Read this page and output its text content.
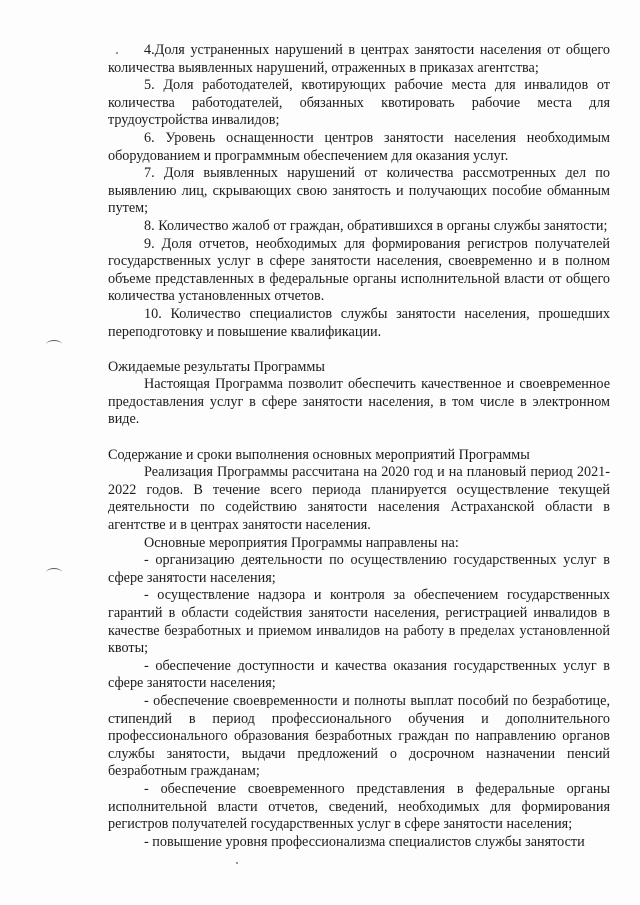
4.Доля устраненных нарушений в центрах занятости населения от общего количества выявленных нарушений, отраженных в приказах агентства;

5. Доля работодателей, квотирующих рабочие места для инвалидов от количества работодателей, обязанных квотировать рабочие места для трудоустройства инвалидов;

6. Уровень оснащенности центров занятости населения необходимым оборудованием и программным обеспечением для оказания услуг.

7. Доля выявленных нарушений от количества рассмотренных дел по выявлению лиц, скрывающих свою занятость и получающих пособие обманным путем;

8. Количество жалоб от граждан, обратившихся в органы службы занятости;

9. Доля отчетов, необходимых для формирования регистров получателей государственных услуг в сфере занятости населения, своевременно и в полном объеме представленных в федеральные органы исполнительной власти от общего количества установленных отчетов.

10. Количество специалистов службы занятости населения, прошедших переподготовку и повышение квалификации.

Ожидаемые результаты Программы

Настоящая Программа позволит обеспечить качественное и своевременное предоставления услуг в сфере занятости населения, в том числе в электронном виде.

Содержание и сроки выполнения основных мероприятий Программы

Реализация Программы рассчитана на 2020 год и на плановый период 2021-2022 годов. В течение всего периода планируется осуществление текущей деятельности по содействию занятости населения Астраханской области в агентстве и в центрах занятости населения.

Основные мероприятия Программы направлены на:

- организацию деятельности по осуществлению государственных услуг в сфере занятости населения;

- осуществление надзора и контроля за обеспечением государственных гарантий в области содействия занятости населения, регистрацией инвалидов в качестве безработных и приемом инвалидов на работу в пределах установленной квоты;

- обеспечение доступности и качества оказания государственных услуг в сфере занятости населения;

- обеспечение своевременности и полноты выплат пособий по безработице, стипендий в период профессионального обучения и дополнительного профессионального образования безработных граждан по направлению органов службы занятости, выдачи предложений о досрочном назначении пенсий безработным гражданам;

- обеспечение своевременного представления в федеральные органы исполнительной власти отчетов, сведений, необходимых для формирования регистров получателей государственных услуг в сфере занятости населения;

- повышение уровня профессионализма специалистов службы занятости
